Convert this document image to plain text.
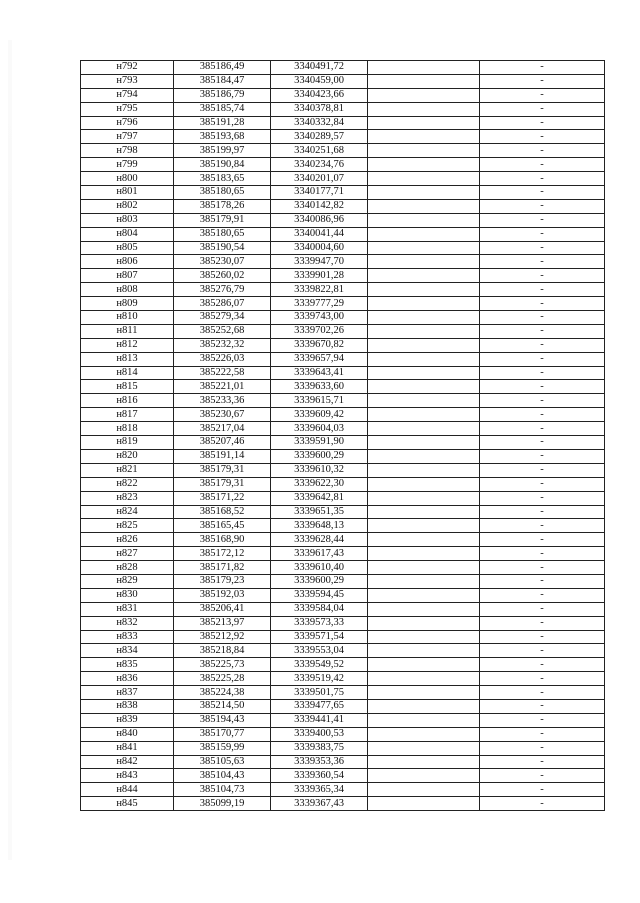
н792	385186,49	3340491,72		-
н793	385184,47	3340459,00		-
н794	385186,79	3340423,66		-
н795	385185,74	3340378,81		-
н796	385191,28	3340332,84		-
н797	385193,68	3340289,57		-
н798	385199,97	3340251,68		-
н799	385190,84	3340234,76		-
н800	385183,65	3340201,07		-
н801	385180,65	3340177,71		-
н802	385178,26	3340142,82		-
н803	385179,91	3340086,96		-
н804	385180,65	3340041,44		-
н805	385190,54	3340004,60		-
н806	385230,07	3339947,70		-
н807	385260,02	3339901,28		-
н808	385276,79	3339822,81		-
н809	385286,07	3339777,29		-
н810	385279,34	3339743,00		-
н811	385252,68	3339702,26		-
н812	385232,32	3339670,82		-
н813	385226,03	3339657,94		-
н814	385222,58	3339643,41		-
н815	385221,01	3339633,60		-
н816	385233,36	3339615,71		-
н817	385230,67	3339609,42		-
н818	385217,04	3339604,03		-
н819	385207,46	3339591,90		-
н820	385191,14	3339600,29		-
н821	385179,31	3339610,32		-
н822	385179,31	3339622,30		-
н823	385171,22	3339642,81		-
н824	385168,52	3339651,35		-
н825	385165,45	3339648,13		-
н826	385168,90	3339628,44		-
н827	385172,12	3339617,43		-
н828	385171,82	3339610,40		-
н829	385179,23	3339600,29		-
н830	385192,03	3339594,45		-
н831	385206,41	3339584,04		-
н832	385213,97	3339573,33		-
н833	385212,92	3339571,54		-
н834	385218,84	3339553,04		-
н835	385225,73	3339549,52		-
н836	385225,28	3339519,42		-
н837	385224,38	3339501,75		-
н838	385214,50	3339477,65		-
н839	385194,43	3339441,41		-
н840	385170,77	3339400,53		-
н841	385159,99	3339383,75		-
н842	385105,63	3339353,36		-
н843	385104,43	3339360,54		-
н844	385104,73	3339365,34		-
н845	385099,19	3339367,43		-
